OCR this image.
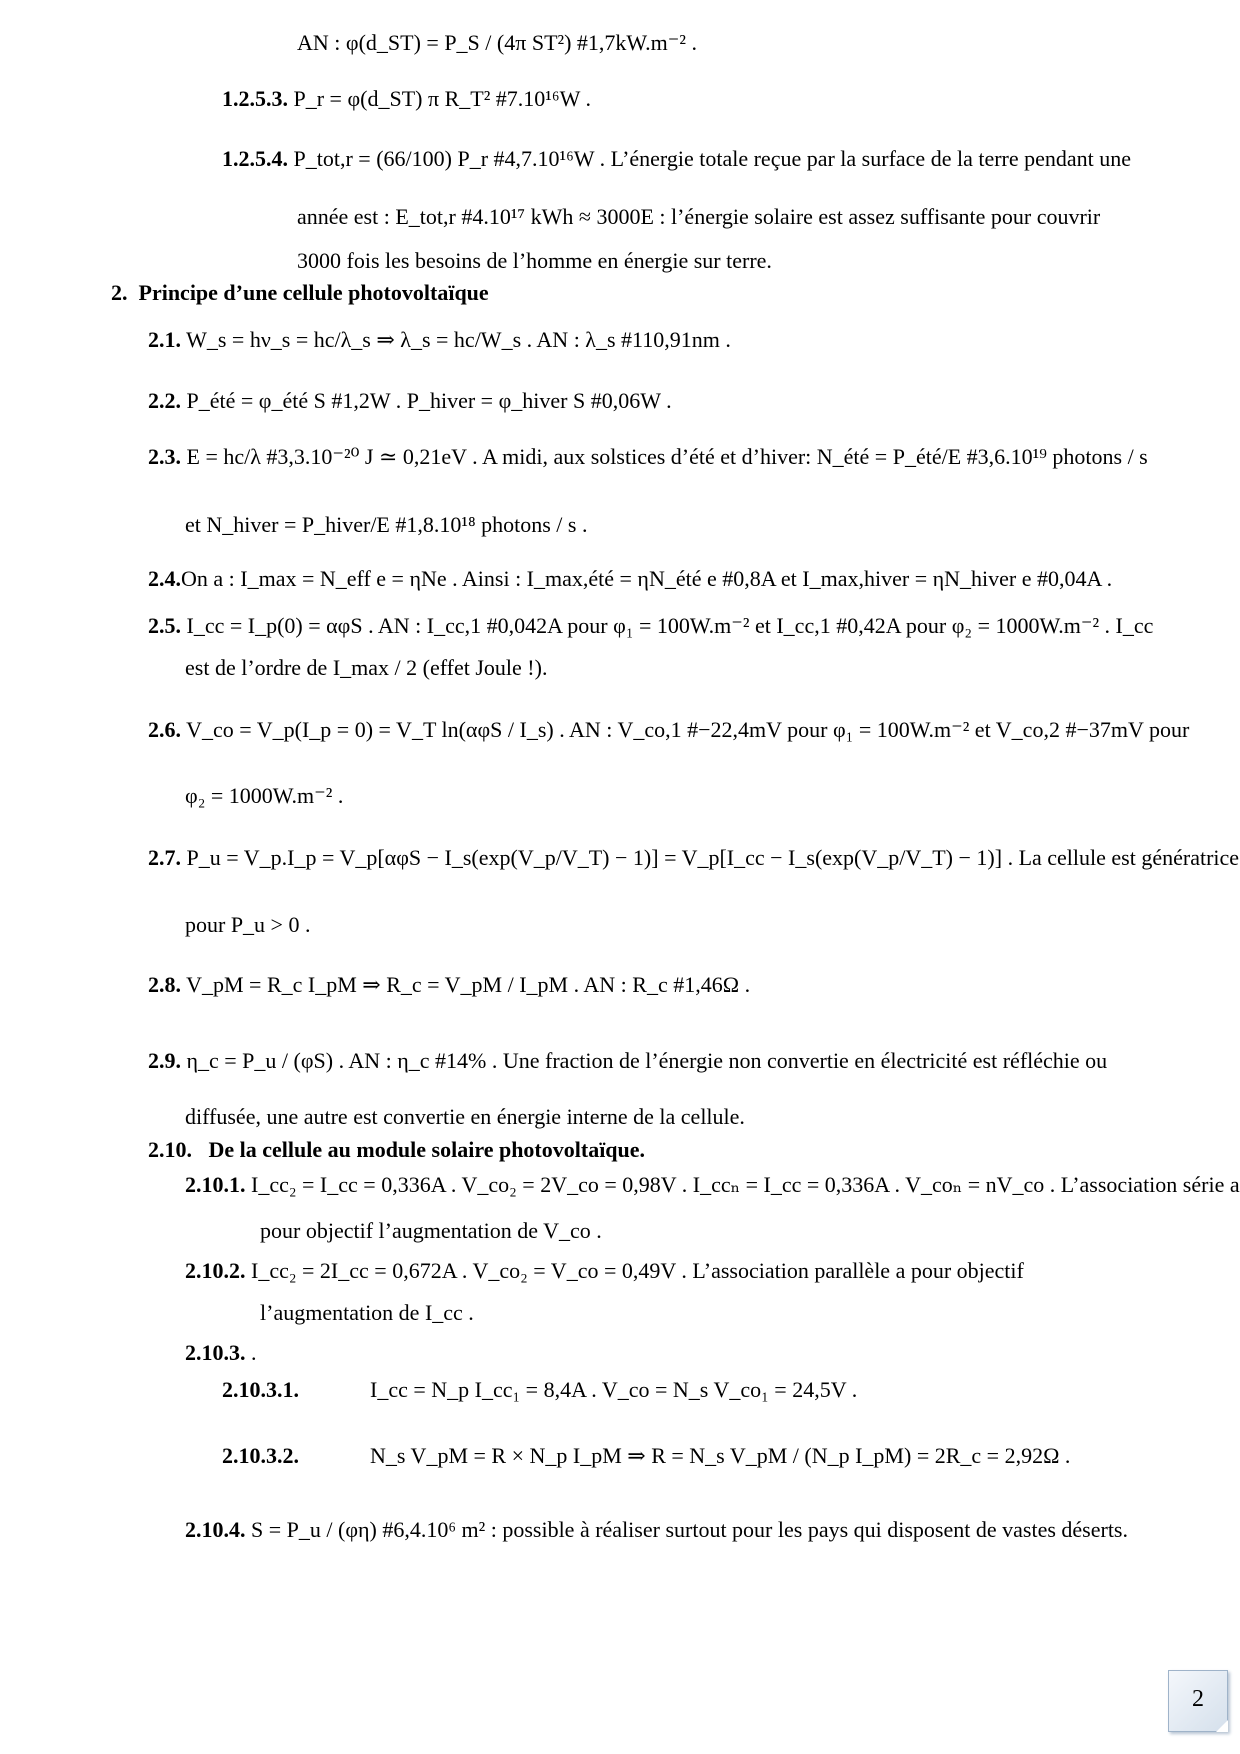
AN : φ(d_ST) = P_S / (4π ST²) #1,7kW.m⁻² .
1.2.5.3. P_r = φ(d_ST) π R_T² #7.10¹⁶W .
1.2.5.4. P_tot,r = (66/100) P_r #4,7.10¹⁶W . L’énergie totale reçue par la surface de la terre pendant une
année est : E_tot,r #4.10¹⁷ kWh ≈ 3000E : l’énergie solaire est assez suffisante pour couvrir
3000 fois les besoins de l’homme en énergie sur terre.
2. Principe d’une cellule photovoltaïque
2.1. W_s = hν_s = hc/λ_s ⇒ λ_s = hc/W_s . AN : λ_s #110,91nm .
2.2. P_été = φ_été S #1,2W . P_hiver = φ_hiver S #0,06W .
2.3. E = hc/λ #3,3.10⁻²⁰ J ≃ 0,21eV . A midi, aux solstices d’été et d’hiver: N_été = P_été/E #3,6.10¹⁹ photons / s
et N_hiver = P_hiver/E #1,8.10¹⁸ photons / s .
2.4.On a : I_max = N_eff e = ηNe . Ainsi : I_max,été = ηN_été e #0,8A et I_max,hiver = ηN_hiver e #0,04A .
2.5. I_cc = I_p(0) = αφS . AN : I_cc,1 #0,042A pour φ₁ = 100W.m⁻² et I_cc,1 #0,42A pour φ₂ = 1000W.m⁻² . I_cc
est de l’ordre de I_max / 2 (effet Joule !).
2.6. V_co = V_p(I_p = 0) = V_T ln(αφS / I_s) . AN : V_co,1 #−22,4mV pour φ₁ = 100W.m⁻² et V_co,2 #−37mV pour
φ₂ = 1000W.m⁻² .
2.7. P_u = V_p.I_p = V_p[αφS − I_s(exp(V_p/V_T) − 1)] = V_p[I_cc − I_s(exp(V_p/V_T) − 1)] . La cellule est génératrice
pour P_u > 0 .
2.8. V_pM = R_c I_pM ⇒ R_c = V_pM / I_pM . AN : R_c #1,46Ω .
2.9. η_c = P_u / (φS) . AN : η_c #14% . Une fraction de l’énergie non convertie en électricité est réfléchie ou
diffusée, une autre est convertie en énergie interne de la cellule.
2.10. De la cellule au module solaire photovoltaïque.
2.10.1. I_cc₂ = I_cc = 0,336A . V_co₂ = 2V_co = 0,98V . I_ccₙ = I_cc = 0,336A . V_coₙ = nV_co . L’association série a
pour objectif l’augmentation de V_co .
2.10.2. I_cc₂ = 2I_cc = 0,672A . V_co₂ = V_co = 0,49V . L’association parallèle a pour objectif
l’augmentation de I_cc .
2.10.3. .
2.10.3.1.	I_cc = N_p I_cc₁ = 8,4A . V_co = N_s V_co₁ = 24,5V .
2.10.3.2.	N_s V_pM = R × N_p I_pM ⇒ R = N_s V_pM / (N_p I_pM) = 2R_c = 2,92Ω .
2.10.4. S = P_u / (φη) #6,4.10⁶ m² : possible à réaliser surtout pour les pays qui disposent de vastes déserts.
2
